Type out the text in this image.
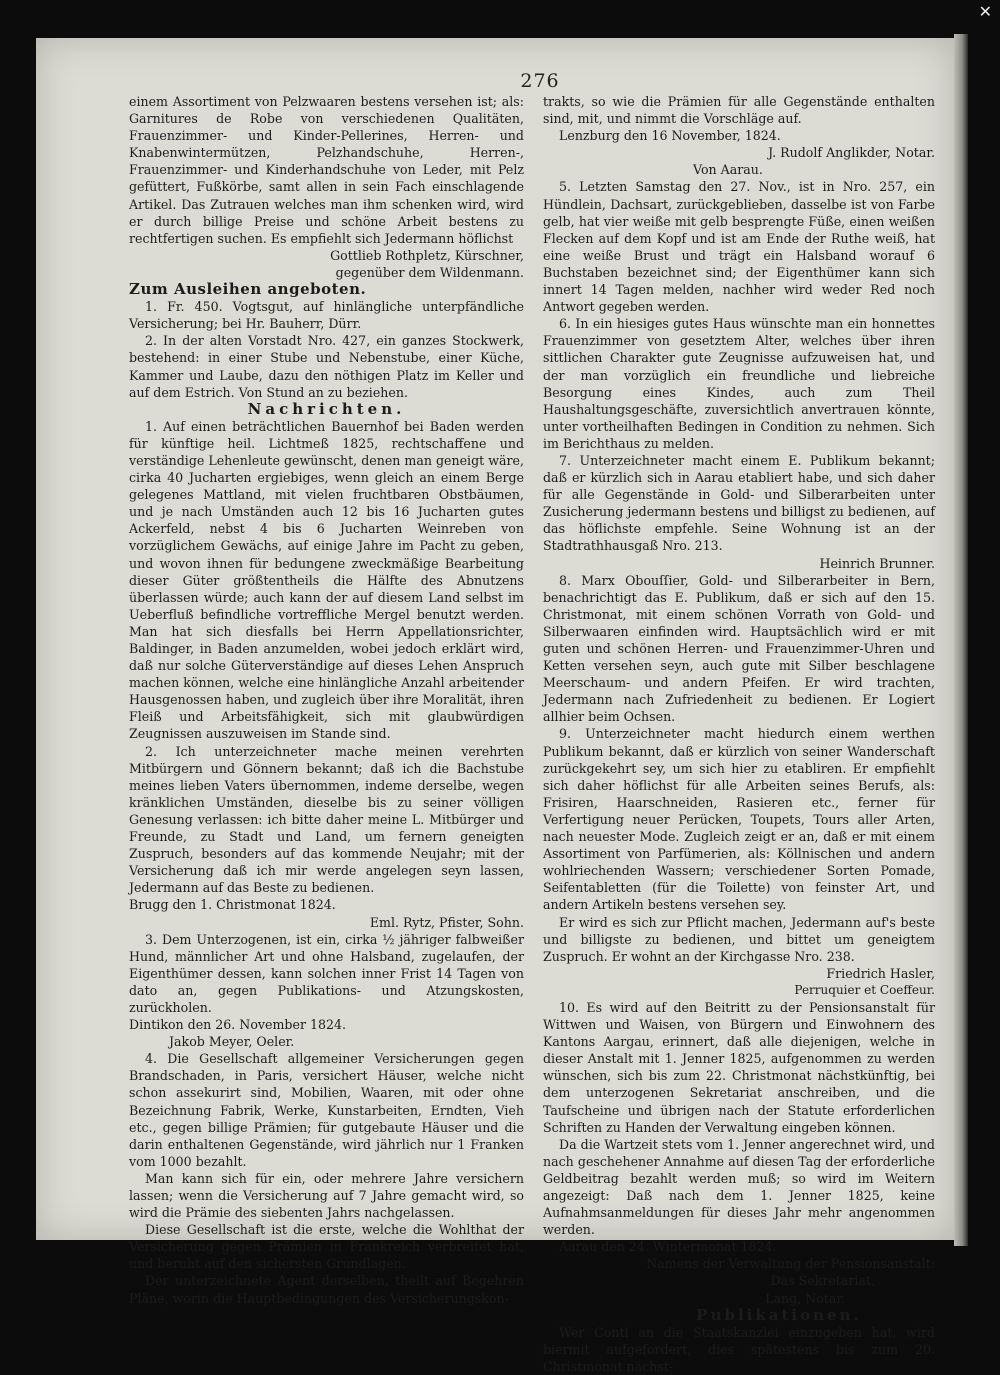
✕
276

einem Assortiment von Pelzwaaren bestens versehen ist; als: Garnitures de Robe von verschiedenen Qualitäten, Frauenzimmer- und Kinder-Pellerines, Herren- und Knabenwintermützen, Pelzhandschuhe, Herren-, Frauenzimmer- und Kinderhandschuhe von Leder, mit Pelz gefüttert, Fußkörbe, samt allen in sein Fach einschlagende Artikel. Das Zutrauen welches man ihm schenken wird, wird er durch billige Preise und schöne Arbeit bestens zu rechtfertigen suchen. Es empfiehlt sich Jedermann höflichst

Gottlieb Rothpletz, Kürschner,

gegenüber dem Wildenmann.

Zum Ausleihen angeboten.

1. Fr. 450. Vogtsgut, auf hinlängliche unterpfändliche Versicherung; bei Hr. Bauherr, Dürr.

2. In der alten Vorstadt Nro. 427, ein ganzes Stockwerk, bestehend: in einer Stube und Nebenstube, einer Küche, Kammer und Laube, dazu den nöthigen Platz im Keller und auf dem Estrich. Von Stund an zu beziehen.

Nachrichten.

1. Auf einen beträchtlichen Bauernhof bei Baden werden für künftige heil. Lichtmeß 1825, rechtschaffene und verständige Lehenleute gewünscht, denen man geneigt wäre, cirka 40 Jucharten ergiebiges, wenn gleich an einem Berge gelegenes Mattland, mit vielen fruchtbaren Obstbäumen, und je nach Umständen auch 12 bis 16 Jucharten gutes Ackerfeld, nebst 4 bis 6 Jucharten Weinreben von vorzüglichem Gewächs, auf einige Jahre im Pacht zu geben, und wovon ihnen für bedungene zweckmäßige Bearbeitung dieser Güter größtentheils die Hälfte des Abnutzens überlassen würde; auch kann der auf diesem Land selbst im Ueberfluß befindliche vortreffliche Mergel benutzt werden. Man hat sich diesfalls bei Herrn Appellationsrichter, Baldinger, in Baden anzumelden, wobei jedoch erklärt wird, daß nur solche Güterverständige auf dieses Lehen Anspruch machen können, welche eine hinlängliche Anzahl arbeitender Hausgenossen haben, und zugleich über ihre Moralität, ihren Fleiß und Arbeitsfähigkeit, sich mit glaubwürdigen Zeugnissen auszuweisen im Stande sind.

2. Ich unterzeichneter mache meinen verehrten Mitbürgern und Gönnern bekannt; daß ich die Bachstube meines lieben Vaters übernommen, indeme derselbe, wegen kränklichen Umständen, dieselbe bis zu seiner völligen Genesung verlassen: ich bitte daher meine L. Mitbürger und Freunde, zu Stadt und Land, um fernern geneigten Zuspruch, besonders auf das kommende Neujahr; mit der Versicherung daß ich mir werde angelegen seyn lassen, Jedermann auf das Beste zu bedienen.

Brugg den 1. Christmonat 1824.

Eml. Rytz, Pfister, Sohn.

3. Dem Unterzogenen, ist ein, cirka ½ jähriger falbweißer Hund, männlicher Art und ohne Halsband, zugelaufen, der Eigenthümer dessen, kann solchen inner Frist 14 Tagen von dato an, gegen Publikations- und Atzungskosten, zurückholen.

Dintikon den 26. November 1824.

Jakob Meyer, Oeler.

4. Die Gesellschaft allgemeiner Versicherungen gegen Brandschaden, in Paris, versichert Häuser, welche nicht schon assekurirt sind, Mobilien, Waaren, mit oder ohne Bezeichnung Fabrik, Werke, Kunstarbeiten, Erndten, Vieh etc., gegen billige Prämien; für gutgebaute Häuser und die darin enthaltenen Gegenstände, wird jährlich nur 1 Franken vom 1000 bezahlt.

Man kann sich für ein, oder mehrere Jahre versichern lassen; wenn die Versicherung auf 7 Jahre gemacht wird, so wird die Prämie des siebenten Jahrs nachgelassen.

Diese Gesellschaft ist die erste, welche die Wohlthat der Versicherung gegen Prämien in Frankreich verbreitet hat, und beruht auf den sichersten Grundlagen.

Der unterzeichnete Agent derselben, theilt auf Begehren Pläne, worin die Hauptbedingungen des Versicherungskon-

trakts, so wie die Prämien für alle Gegenstände enthalten sind, mit, und nimmt die Vorschläge auf.

Lenzburg den 16 November, 1824.

J. Rudolf Anglikder, Notar.

Von Aarau.

5. Letzten Samstag den 27. Nov., ist in Nro. 257, ein Hündlein, Dachsart, zurückgeblieben, dasselbe ist von Farbe gelb, hat vier weiße mit gelb besprengte Füße, einen weißen Flecken auf dem Kopf und ist am Ende der Ruthe weiß, hat eine weiße Brust und trägt ein Halsband worauf 6 Buchstaben bezeichnet sind; der Eigenthümer kann sich innert 14 Tagen melden, nachher wird weder Red noch Antwort gegeben werden.

6. In ein hiesiges gutes Haus wünschte man ein honnettes Frauenzimmer von gesetztem Alter, welches über ihren sittlichen Charakter gute Zeugnisse aufzuweisen hat, und der man vorzüglich ein freundliche und liebreiche Besorgung eines Kindes, auch zum Theil Haushaltungsgeschäfte, zuversichtlich anvertrauen könnte, unter vortheilhaften Bedingen in Condition zu nehmen. Sich im Berichthaus zu melden.

7. Unterzeichneter macht einem E. Publikum bekannt; daß er kürzlich sich in Aarau etabliert habe, und sich daher für alle Gegenstände in Gold- und Silberarbeiten unter Zusicherung jedermann bestens und billigst zu bedienen, auf das höflichste empfehle. Seine Wohnung ist an der Stadtrathhausgaß Nro. 213.

Heinrich Brunner.

8. Marx Obouſſier, Gold- und Silberarbeiter in Bern, benachrichtigt das E. Publikum, daß er sich auf den 15. Christmonat, mit einem schönen Vorrath von Gold- und Silberwaaren einfinden wird. Hauptsächlich wird er mit guten und schönen Herren- und Frauenzimmer-Uhren und Ketten versehen seyn, auch gute mit Silber beschlagene Meerschaum- und andern Pfeifen. Er wird trachten, Jedermann nach Zufriedenheit zu bedienen. Er Logiert allhier beim Ochsen.

9. Unterzeichneter macht hiedurch einem werthen Publikum bekannt, daß er kürzlich von seiner Wanderschaft zurückgekehrt sey, um sich hier zu etabliren. Er empfiehlt sich daher höflichst für alle Arbeiten seines Berufs, als: Frisiren, Haarschneiden, Rasieren etc., ferner für Verfertigung neuer Perücken, Toupets, Tours aller Arten, nach neuester Mode. Zugleich zeigt er an, daß er mit einem Assortiment von Parfümerien, als: Köllnischen und andern wohlriechenden Wassern; verschiedener Sorten Pomade, Seifentabletten (für die Toilette) von feinster Art, und andern Artikeln bestens versehen sey.

Er wird es sich zur Pflicht machen, Jedermann auf's beste und billigste zu bedienen, und bittet um geneigtem Zuspruch. Er wohnt an der Kirchgasse Nro. 238.

Friedrich Hasler,

Perruquier et Coeffeur.

10. Es wird auf den Beitritt zu der Pensionsanstalt für Wittwen und Waisen, von Bürgern und Einwohnern des Kantons Aargau, erinnert, daß alle diejenigen, welche in dieser Anstalt mit 1. Jenner 1825, aufgenommen zu werden wünschen, sich bis zum 22. Christmonat nächstkünftig, bei dem unterzogenen Sekretariat anschreiben, und die Taufscheine und übrigen nach der Statute erforderlichen Schriften zu Handen der Verwaltung eingeben können.

Da die Wartzeit stets vom 1. Jenner angerechnet wird, und nach geschehener Annahme auf diesen Tag der erforderliche Geldbeitrag bezahlt werden muß; so wird im Weitern angezeigt: Daß nach dem 1. Jenner 1825, keine Aufnahmsanmeldungen für dieses Jahr mehr angenommen werden.

Aarau den 24. Wintermonat 1824.

Namens der Verwaltung der Pensionsanstalt:

Das Sekretariat,

Lang, Notar.

Publikationen.

Wer Conti an die Staatskanzlei einzugeben hat, wird biermit aufgefordert, dies spätestens bis zum 20. Christmonat nächst-
